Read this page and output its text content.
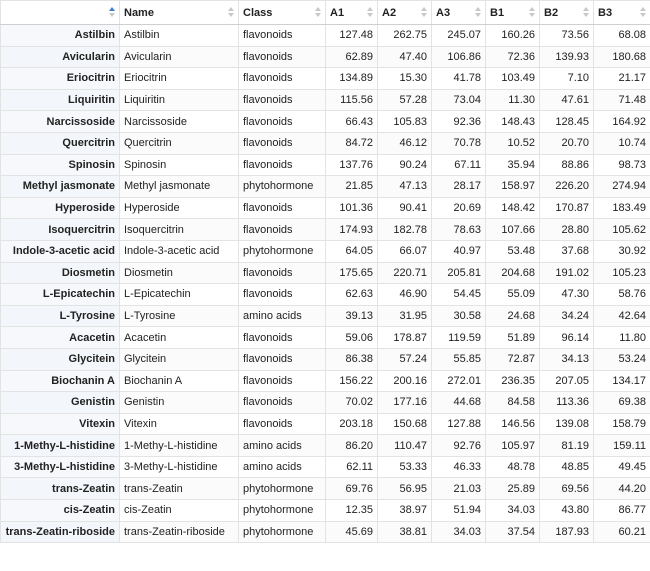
	Name	Class	A1	A2	A3	B1	B2	B3

Astilbin	Astilbin	flavonoids	127.48	262.75	245.07	160.26	73.56	68.08
Avicularin	Avicularin	flavonoids	62.89	47.40	106.86	72.36	139.93	180.68
Eriocitrin	Eriocitrin	flavonoids	134.89	15.30	41.78	103.49	7.10	21.17
Liquiritin	Liquiritin	flavonoids	115.56	57.28	73.04	11.30	47.61	71.48
Narcissoside	Narcissoside	flavonoids	66.43	105.83	92.36	148.43	128.45	164.92
Quercitrin	Quercitrin	flavonoids	84.72	46.12	70.78	10.52	20.70	10.74
Spinosin	Spinosin	flavonoids	137.76	90.24	67.11	35.94	88.86	98.73
Methyl jasmonate	Methyl jasmonate	phytohormone	21.85	47.13	28.17	158.97	226.20	274.94
Hyperoside	Hyperoside	flavonoids	101.36	90.41	20.69	148.42	170.87	183.49
Isoquercitrin	Isoquercitrin	flavonoids	174.93	182.78	78.63	107.66	28.80	105.62
Indole-3-acetic acid	Indole-3-acetic acid	phytohormone	64.05	66.07	40.97	53.48	37.68	30.92
Diosmetin	Diosmetin	flavonoids	175.65	220.71	205.81	204.68	191.02	105.23
L-Epicatechin	L-Epicatechin	flavonoids	62.63	46.90	54.45	55.09	47.30	58.76
L-Tyrosine	L-Tyrosine	amino acids	39.13	31.95	30.58	24.68	34.24	42.64
Acacetin	Acacetin	flavonoids	59.06	178.87	119.59	51.89	96.14	11.80
Glycitein	Glycitein	flavonoids	86.38	57.24	55.85	72.87	34.13	53.24
Biochanin A	Biochanin A	flavonoids	156.22	200.16	272.01	236.35	207.05	134.17
Genistin	Genistin	flavonoids	70.02	177.16	44.68	84.58	113.36	69.38
Vitexin	Vitexin	flavonoids	203.18	150.68	127.88	146.56	139.08	158.79
1-Methy-L-histidine	1-Methy-L-histidine	amino acids	86.20	110.47	92.76	105.97	81.19	159.11
3-Methy-L-histidine	3-Methy-L-histidine	amino acids	62.11	53.33	46.33	48.78	48.85	49.45
trans-Zeatin	trans-Zeatin	phytohormone	69.76	56.95	21.03	25.89	69.56	44.20
cis-Zeatin	cis-Zeatin	phytohormone	12.35	38.97	51.94	34.03	43.80	86.77
trans-Zeatin-riboside	trans-Zeatin-riboside	phytohormone	45.69	38.81	34.03	37.54	187.93	60.21
